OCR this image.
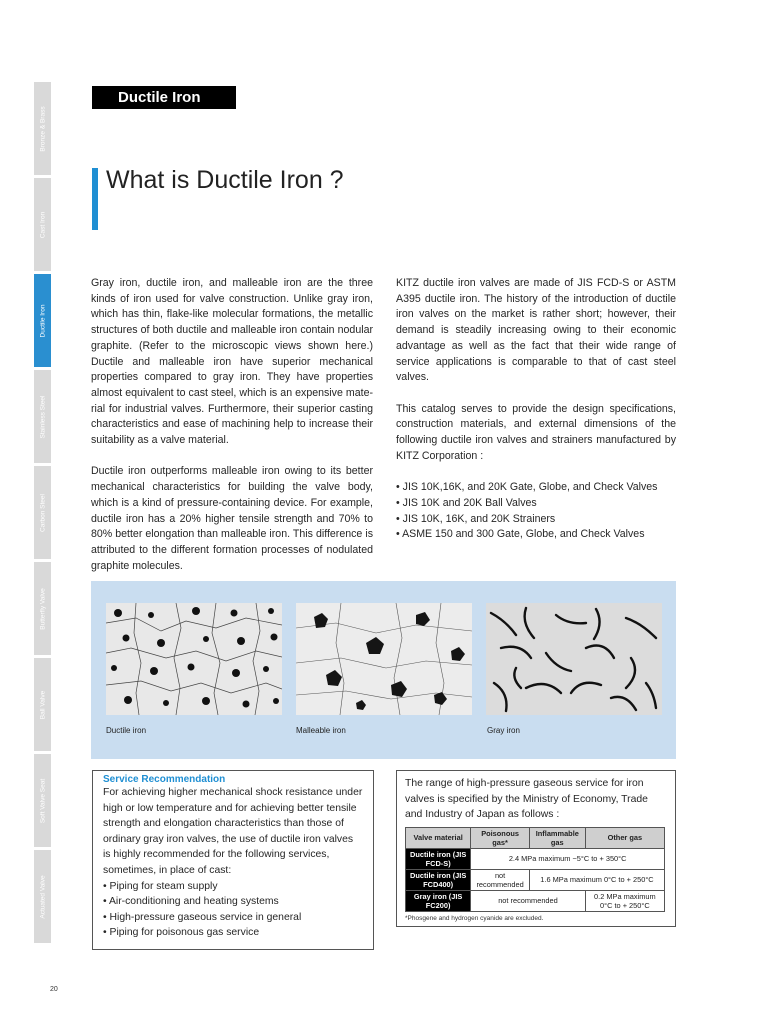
Bronze & Brass
Cast Iron
Ductile Iron
Stainless Steel
Carbon Steel
Butterfly Valve
Ball Valve
Soft Valve Seat
Actuated Valve
Ductile Iron
What is Ductile Iron ?

Gray iron, ductile iron, and malleable iron are the three kinds of iron used for valve construction. Unlike gray iron, which has thin, flake-like molecular formations, the metallic structures of both ductile and malleable iron contain nodular graphite. (Refer to the microscopic views shown here.) Ductile and malleable iron have superior mechanical properties compared to gray iron. They have properties almost equivalent to cast steel, which is an expensive mate- rial for industrial valves. Furthermore, their superior casting characteristics and ease of machining help to increase their suitability as a valve material.

Ductile iron outperforms malleable iron owing to its better mechanical characteristics for building the valve body, which is a kind of pressure-containing device. For example, ductile iron has a 20% higher tensile strength and 70% to 80% better elongation than malleable iron. This difference is attributed to the different formation processes of nodulated graphite molecules.

KITZ ductile iron valves are made of JIS FCD-S or ASTM A395 ductile iron. The history of the introduction of ductile iron valves on the market is rather short; however, their demand is steadily increasing owing to their economic advantage as well as the fact that their wide range of service applications is comparable to that of cast steel valves.

This catalog serves to provide the design specifications, construction materials, and external dimensions of the following ductile iron valves and strainers manufactured by KITZ Corporation :

• JIS 10K,16K, and 20K Gate, Globe, and Check Valves
• JIS 10K and 20K Ball Valves
• JIS 10K, 16K, and 20K Strainers
• ASME 150 and 300 Gate, Globe, and Check Valves
Ductile iron	Malleable iron	Gray iron
Service Recommendation

For achieving higher mechanical shock resistance under high or low temperature and for achieving better tensile strength and elongation characteristics than those of ordinary gray iron valves, the use of ductile iron valves is highly recommended for the following services, sometimes, in place of cast:

• Piping for steam supply
• Air-conditioning and heating systems
• High-pressure gaseous service in general
• Piping for poisonous gas service

The range of high-pressure gaseous service for iron valves is specified by the Ministry of Economy, Trade and Industry of Japan as follows :

Valve material	Poisonous gas*	Inflammable gas	Other gas
Ductile iron (JIS FCD-S)	2.4 MPa maximum −5°C to + 350°C		
Ductile iron (JIS FCD400)	not recommended	1.6 MPa maximum 0°C to + 250°C	
Gray iron (JIS FC200)	not recommended		0.2 MPa maximum 0°C to + 250°C
*Phosgene and hydrogen cyanide are excluded.
20
